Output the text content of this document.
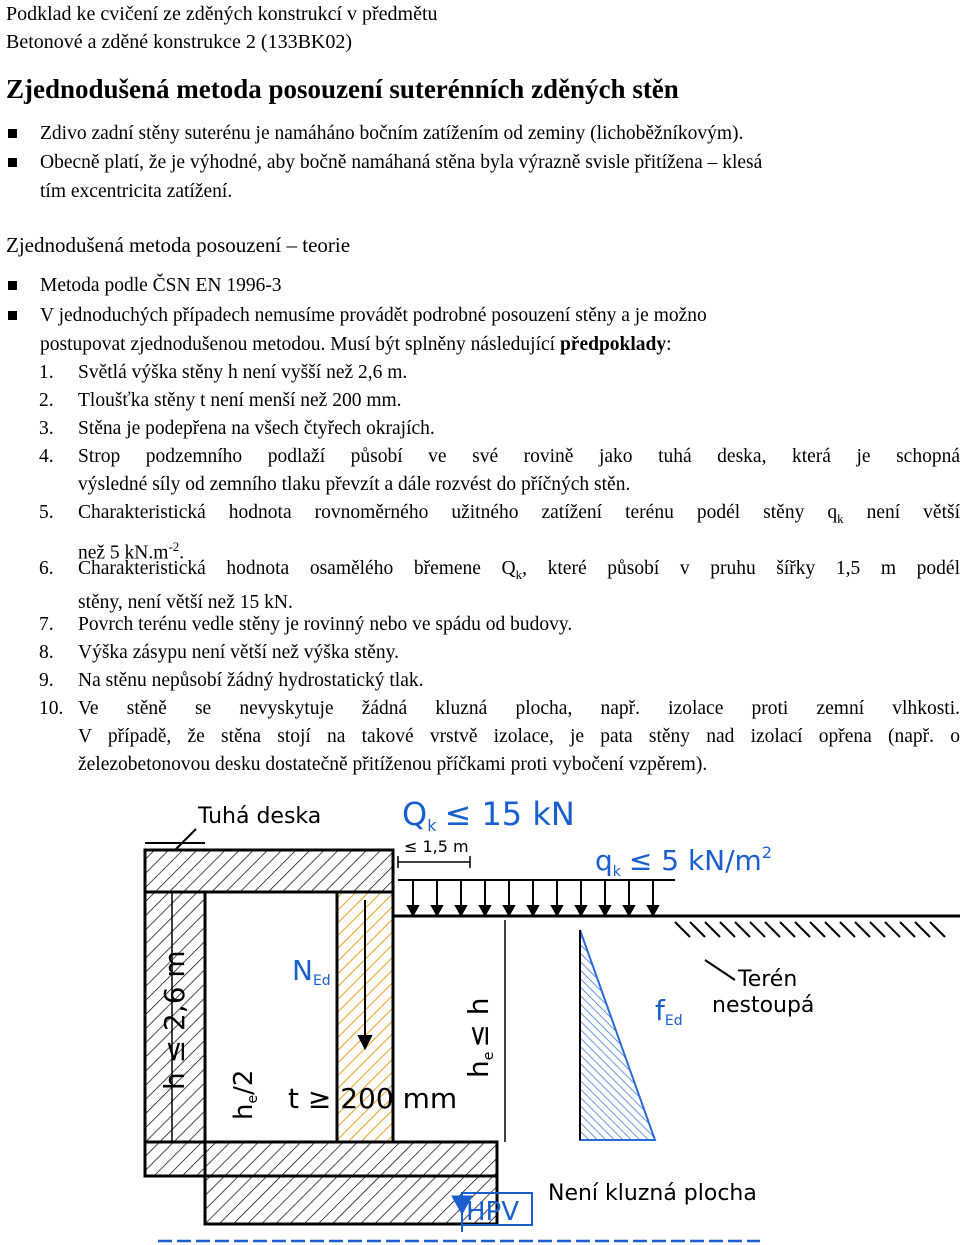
Podklad ke cvičení ze zděných konstrukcí v předmětu
Betonové a zděné konstrukce 2 (133BK02)
Zjednodušená metoda posouzení suterénních zděných stěn
Zdivo zadní stěny suterénu je namáháno bočním zatížením od zeminy (lichoběžníkovým).
Obecně platí, že je výhodné, aby bočně namáhaná stěna byla výrazně svisle přitížena – klesá
tím excentricita zatížení.
Zjednodušená metoda posouzení – teorie
Metoda podle ČSN EN 1996-3
V jednoduchých případech nemusíme provádět podrobné posouzení stěny a je možno
postupovat zjednodušenou metodou. Musí být splněny následující předpoklady:
1. Světlá výška stěny h není vyšší než 2,6 m.
2. Tloušťka stěny t není menší než 200 mm.
3. Stěna je podepřena na všech čtyřech okrajích.
4. Strop podzemního podlaží působí ve své rovině jako tuhá deska, která je schopná
výsledné síly od zemního tlaku převzít a dále rozvést do příčných stěn.
5. Charakteristická hodnota rovnoměrného užitného zatížení terénu podél stěny $q_k$ není větší
než 5 $kN.m^{-2}$.
6. Charakteristická hodnota osamělého břemene $Q_k$, které působí v pruhu šířky 1,5 m podél
stěny, není větší než 15 kN.
7. Povrch terénu vedle stěny je rovinný nebo ve spádu od budovy.
8. Výška zásypu není větší než výška stěny.
9. Na stěnu nepůsobí žádný hydrostatický tlak.
10. Ve stěně se nevyskytuje žádná kluzná plocha, např. izolace proti zemní vlhkosti.
V případě, že stěna stojí na takové vrstvě izolace, je pata stěny nad izolací opřena (např. o
železobetonovou desku dostatečně přitíženou příčkami proti vybočení vzpěrem).
Tuhá deska	Qk ≤ 15 kN
≤ 1,5 m	$q_k \le 5$ $kN/m^2$
NEd
fEd
Terén
nestoupá
h ≤ 2,6 m
he/2 t ≥ 200 mm
he≤ h
HPV
Není kluzná plocha
